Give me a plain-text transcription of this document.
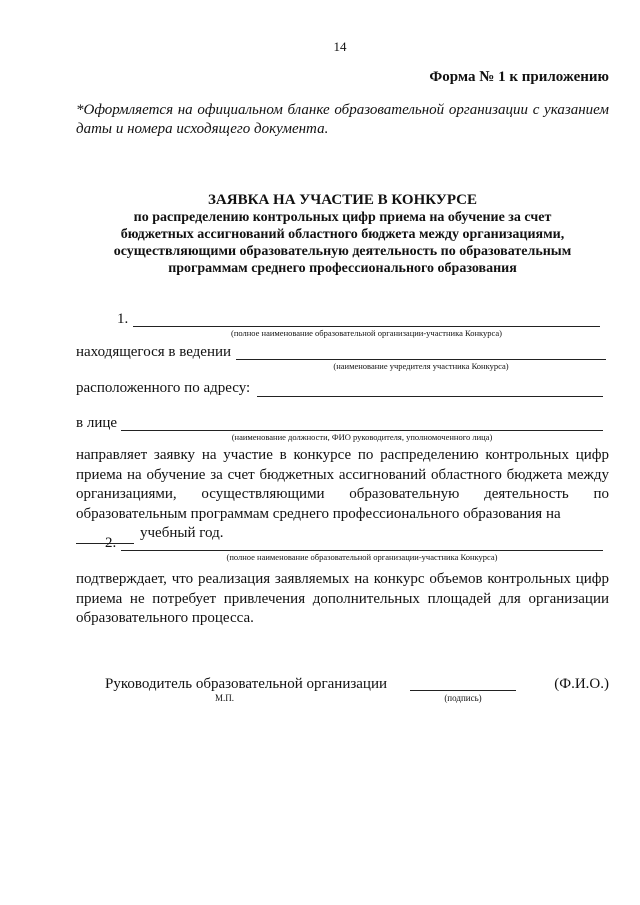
14
Форма № 1 к приложению
*Оформляется на официальном бланке образовательной организации с указанием даты и номера исходящего документа.
ЗАЯВКА НА УЧАСТИЕ В КОНКУРСЕ
по распределению контрольных цифр приема на обучение за счет
бюджетных ассигнований областного бюджета между организациями,
осуществляющими образовательную деятельность по образовательным
программам среднего профессионального образования
1.
(полное наименование образовательной организации-участника Конкурса)
находящегося в ведении
(наименование учредителя участника Конкурса)
расположенного по адресу:
в лице
(наименование должности, ФИО руководителя, уполномоченного лица)
направляет заявку на участие в конкурсе по распределению контрольных цифр приема на обучение за счет бюджетных ассигнований областного бюджета между организациями, осуществляющими образовательную деятельность по образовательным программам среднего профессионального образования на
учебный год.
2.
(полное наименование образовательной организации-участника Конкурса)
подтверждает, что реализация заявляемых на конкурс объемов контрольных цифр приема не потребует привлечения дополнительных площадей для организации образовательного процесса.
Руководитель образовательной организации
М.П.	(подпись)
(Ф.И.О.)
